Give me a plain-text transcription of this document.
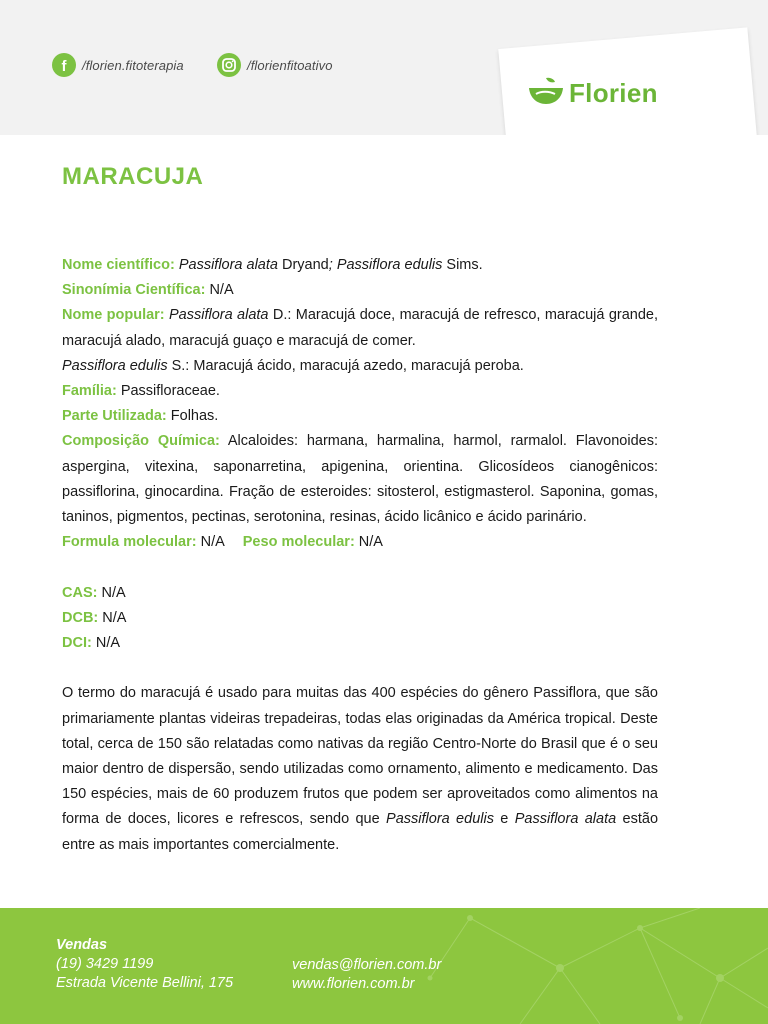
f /florien.fitoterapia	/florienfitoativo
Florien
MARACUJA

Nome científico: Passiflora alata Dryand; Passiflora edulis Sims.

Sinonímia Científica: N/A

Nome popular: Passiflora alata D.: Maracujá doce, maracujá de refresco, maracujá grande, maracujá alado, maracujá guaço e maracujá de comer.

Passiflora edulis S.: Maracujá ácido, maracujá azedo, maracujá peroba.

Família: Passifloraceae.

Parte Utilizada: Folhas.

Composição Química: Alcaloides: harmana, harmalina, harmol, rarmalol. Flavonoides: aspergina, vitexina, saponarretina, apigenina, orientina. Glicosídeos cianogênicos: passiflorina, ginocardina. Fração de esteroides: sitosterol, estigmasterol. Saponina, gomas, taninos, pigmentos, pectinas, serotonina, resinas, ácido licânico e ácido parinário.

Formula molecular: N/A Peso molecular: N/A

CAS: N/A

DCB: N/A

DCI: N/A

O termo do maracujá é usado para muitas das 400 espécies do gênero Passiflora, que são primariamente plantas videiras trepadeiras, todas elas originadas da América tropical. Deste total, cerca de 150 são relatadas como nativas da região Centro-Norte do Brasil que é o seu maior dentro de dispersão, sendo utilizadas como ornamento, alimento e medicamento. Das 150 espécies, mais de 60 produzem frutos que podem ser aproveitados como alimentos na forma de doces, licores e refrescos, sendo que Passiflora edulis e Passiflora alata estão entre as mais importantes comercialmente.

Vendas
(19) 3429 1199
Estrada Vicente Bellini, 175
vendas@florien.com.br
www.florien.com.br
